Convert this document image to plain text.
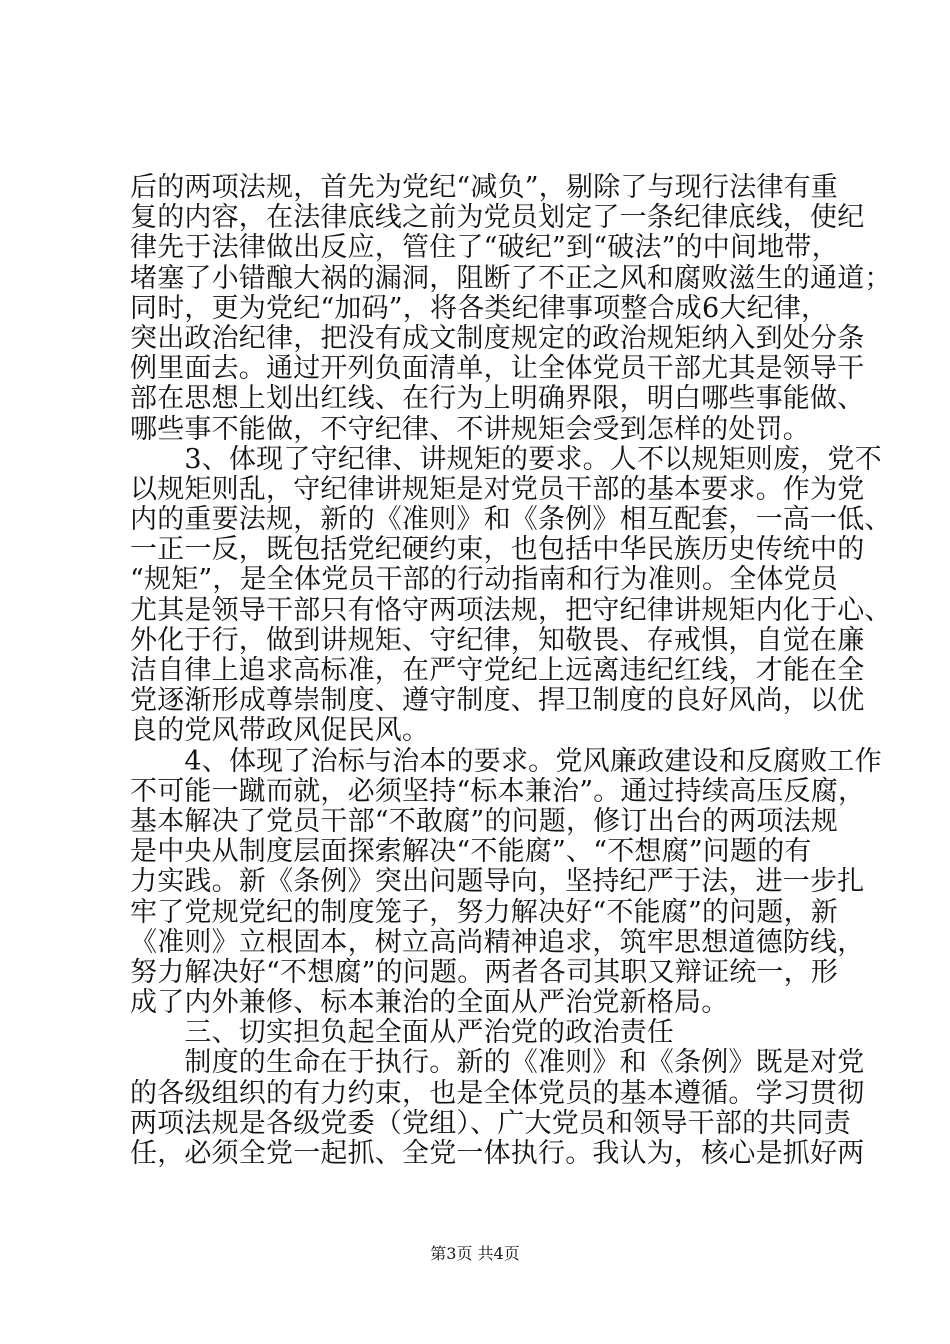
后的两项法规，首先为党纪“减负”，剔除了与现行法律有重
复的内容，在法律底线之前为党员划定了一条纪律底线，使纪
律先于法律做出反应，管住了“破纪”到“破法”的中间地带，
堵塞了小错酿大祸的漏洞，阻断了不正之风和腐败滋生的通道；
同时，更为党纪“加码”，将各类纪律事项整合成6大纪律，
突出政治纪律，把没有成文制度规定的政治规矩纳入到处分条
例里面去。通过开列负面清单，让全体党员干部尤其是领导干
部在思想上划出红线、在行为上明确界限，明白哪些事能做、
哪些事不能做，不守纪律、不讲规矩会受到怎样的处罚。
　　3、体现了守纪律、讲规矩的要求。人不以规矩则废，党不
以规矩则乱，守纪律讲规矩是对党员干部的基本要求。作为党
内的重要法规，新的《准则》和《条例》相互配套，一高一低、
一正一反，既包括党纪硬约束，也包括中华民族历史传统中的
“规矩”，是全体党员干部的行动指南和行为准则。全体党员
尤其是领导干部只有恪守两项法规，把守纪律讲规矩内化于心、
外化于行，做到讲规矩、守纪律，知敬畏、存戒惧，自觉在廉
洁自律上追求高标准，在严守党纪上远离违纪红线，才能在全
党逐渐形成尊崇制度、遵守制度、捍卫制度的良好风尚，以优
良的党风带政风促民风。
　　4、体现了治标与治本的要求。党风廉政建设和反腐败工作
不可能一蹴而就，必须坚持“标本兼治”。通过持续高压反腐，
基本解决了党员干部“不敢腐”的问题，修订出台的两项法规
是中央从制度层面探索解决“不能腐”、“不想腐”问题的有
力实践。新《条例》突出问题导向，坚持纪严于法，进一步扎
牢了党规党纪的制度笼子，努力解决好“不能腐”的问题，新
《准则》立根固本，树立高尚精神追求，筑牢思想道德防线，
努力解决好“不想腐”的问题。两者各司其职又辩证统一，形
成了内外兼修、标本兼治的全面从严治党新格局。
　　三、切实担负起全面从严治党的政治责任
　　制度的生命在于执行。新的《准则》和《条例》既是对党
的各级组织的有力约束，也是全体党员的基本遵循。学习贯彻
两项法规是各级党委（党组）、广大党员和领导干部的共同责
任，必须全党一起抓、全党一体执行。我认为，核心是抓好两
第3页 共4页
